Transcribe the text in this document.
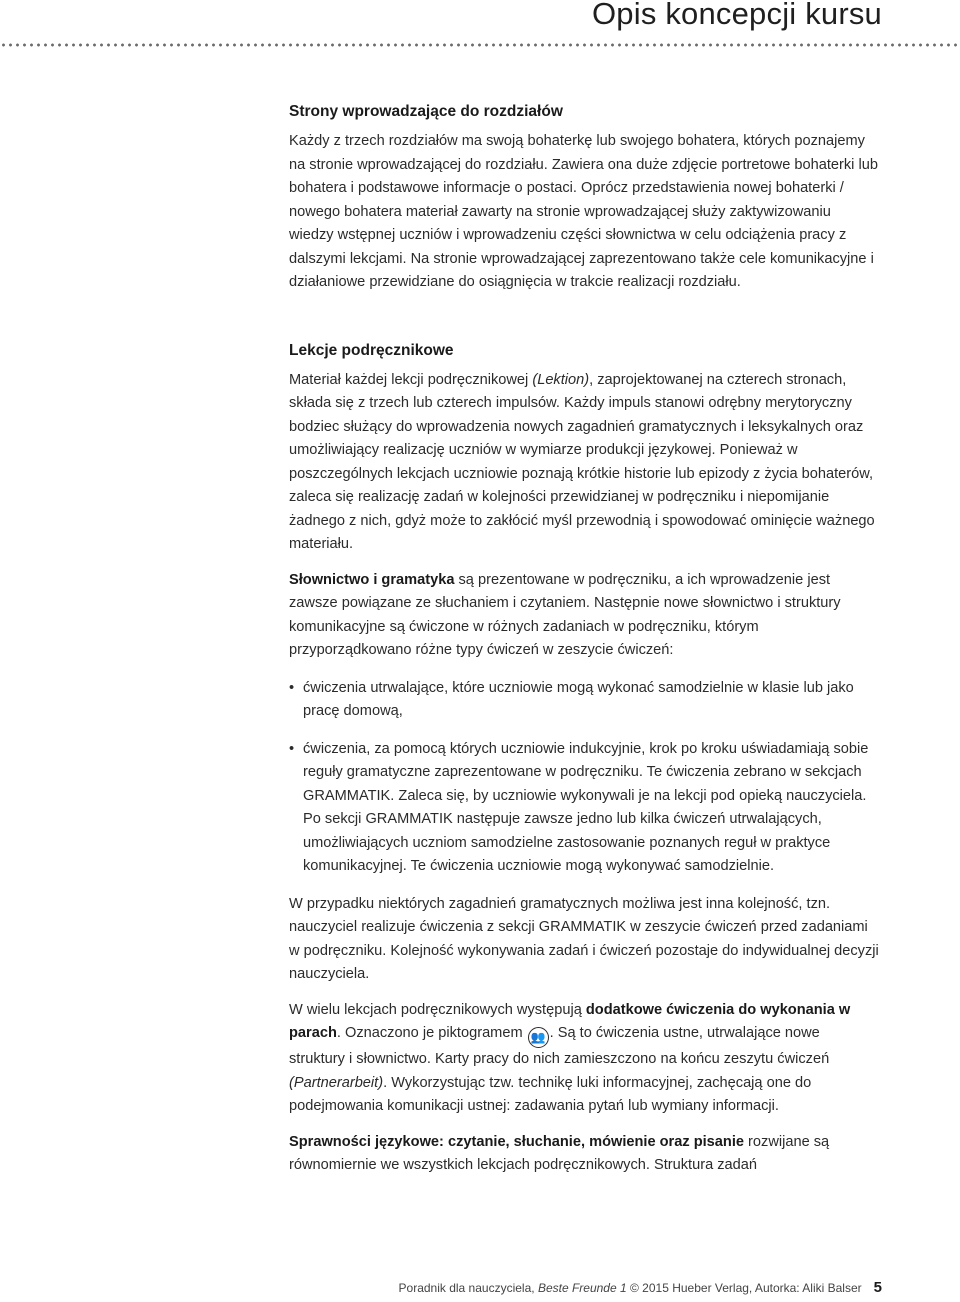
Opis koncepcji kursu
Strony wprowadzające do rozdziałów

Każdy z trzech rozdziałów ma swoją bohaterkę lub swojego bohatera, których poznajemy na stronie wprowadzającej do rozdziału. Zawiera ona duże zdjęcie portretowe bohaterki lub bohatera i podstawowe informacje o postaci. Oprócz przedstawienia nowej bohaterki / nowego bohatera materiał zawarty na stronie wprowadzającej służy zaktywizowaniu wiedzy wstępnej uczniów i wprowadzeniu części słownictwa w celu odciążenia pracy z dalszymi lekcjami. Na stronie wprowadzającej zaprezentowano także cele komunikacyjne i działaniowe przewidziane do osiągnięcia w trakcie realizacji rozdziału.

Lekcje podręcznikowe

Materiał każdej lekcji podręcznikowej (Lektion), zaprojektowanej na czterech stronach, składa się z trzech lub czterech impulsów. Każdy impuls stanowi odrębny merytoryczny bodziec służący do wprowadzenia nowych zagadnień gramatycznych i leksykalnych oraz umożliwiający realizację uczniów w wymiarze produkcji językowej. Ponieważ w poszczególnych lekcjach uczniowie poznają krótkie historie lub epizody z życia bohaterów, zaleca się realizację zadań w kolejności przewidzianej w podręczniku i niepomijanie żadnego z nich, gdyż może to zakłócić myśl przewodnią i spowodować ominięcie ważnego materiału.

Słownictwo i gramatyka są prezentowane w podręczniku, a ich wprowadzenie jest zawsze powiązane ze słuchaniem i czytaniem. Następnie nowe słownictwo i struktury komunikacyjne są ćwiczone w różnych zadaniach w podręczniku, którym przyporządkowano różne typy ćwiczeń w zeszycie ćwiczeń:

• ćwiczenia utrwalające, które uczniowie mogą wykonać samodzielnie w klasie lub jako pracę domową,
• ćwiczenia, za pomocą których uczniowie indukcyjnie, krok po kroku uświadamiają sobie reguły gramatyczne zaprezentowane w podręczniku. Te ćwiczenia zebrano w sekcjach GRAMMATIK. Zaleca się, by uczniowie wykonywali je na lekcji pod opieką nauczyciela. Po sekcji GRAMMATIK następuje zawsze jedno lub kilka ćwiczeń utrwalających, umożliwiających uczniom samodzielne zastosowanie poznanych reguł w praktyce komunikacyjnej. Te ćwiczenia uczniowie mogą wykonywać samodzielnie.

W przypadku niektórych zagadnień gramatycznych możliwa jest inna kolejność, tzn. nauczyciel realizuje ćwiczenia z sekcji GRAMMATIK w zeszycie ćwiczeń przed zadaniami w podręczniku. Kolejność wykonywania zadań i ćwiczeń pozostaje do indywidualnej decyzji nauczyciela.

W wielu lekcjach podręcznikowych występują dodatkowe ćwiczenia do wykonania w parach. Oznaczono je piktogramem 👥 . Są to ćwiczenia ustne, utrwalające nowe struktury i słownictwo. Karty pracy do nich zamieszczono na końcu zeszytu ćwiczeń (Partnerarbeit). Wykorzystując tzw. technikę luki informacyjnej, zachęcają one do podejmowania komunikacji ustnej: zadawania pytań lub wymiany informacji.

Sprawności językowe: czytanie, słuchanie, mówienie oraz pisanie rozwijane są równomiernie we wszystkich lekcjach podręcznikowych. Struktura zadań

Poradnik dla nauczyciela, Beste Freunde 1 © 2015 Hueber Verlag, Autorka: Aliki Balser 5
